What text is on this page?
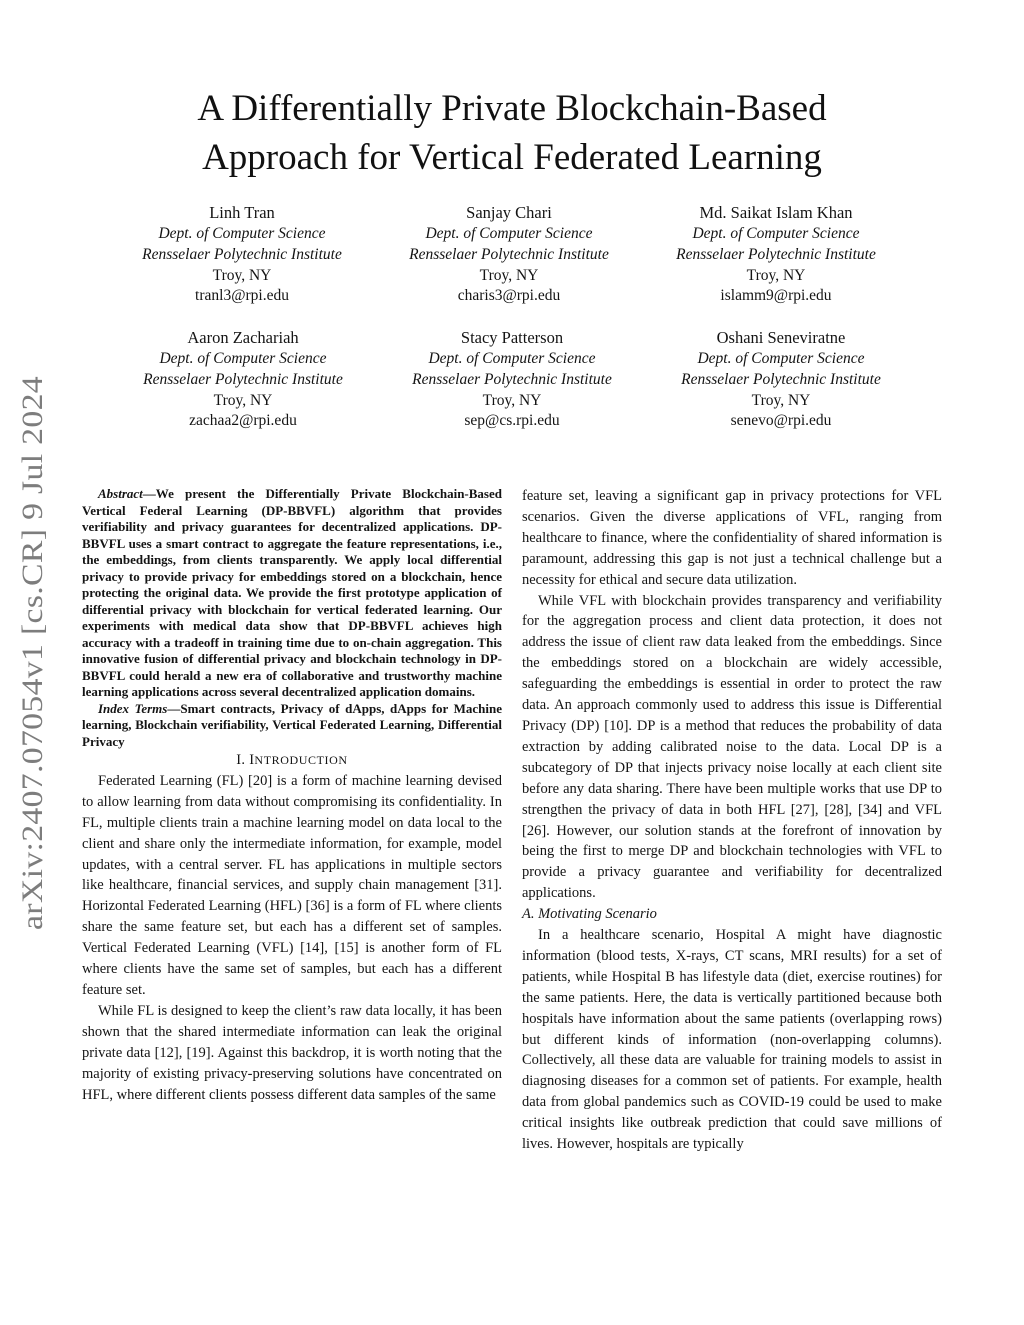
arXiv:2407.07054v1 [cs.CR] 9 Jul 2024
A Differentially Private Blockchain-Based
Approach for Vertical Federated Learning
Linh Tran
Dept. of Computer Science
Rensselaer Polytechnic Institute
Troy, NY
tranl3@rpi.edu
Sanjay Chari
Dept. of Computer Science
Rensselaer Polytechnic Institute
Troy, NY
charis3@rpi.edu
Md. Saikat Islam Khan
Dept. of Computer Science
Rensselaer Polytechnic Institute
Troy, NY
islamm9@rpi.edu
Aaron Zachariah
Dept. of Computer Science
Rensselaer Polytechnic Institute
Troy, NY
zachaa2@rpi.edu
Stacy Patterson
Dept. of Computer Science
Rensselaer Polytechnic Institute
Troy, NY
sep@cs.rpi.edu
Oshani Seneviratne
Dept. of Computer Science
Rensselaer Polytechnic Institute
Troy, NY
senevo@rpi.edu

Abstract—We present the Differentially Private Blockchain-Based Vertical Federal Learning (DP-BBVFL) algorithm that provides verifiability and privacy guarantees for decentralized applications. DP-BBVFL uses a smart contract to aggregate the feature representations, i.e., the embeddings, from clients transparently. We apply local differential privacy to provide privacy for embeddings stored on a blockchain, hence protecting the original data. We provide the first prototype application of differential privacy with blockchain for vertical federated learning. Our experiments with medical data show that DP-BBVFL achieves high accuracy with a tradeoff in training time due to on-chain aggregation. This innovative fusion of differential privacy and blockchain technology in DP-BBVFL could herald a new era of collaborative and trustworthy machine learning applications across several decentralized application domains.

Index Terms—Smart contracts, Privacy of dApps, dApps for Machine learning, Blockchain verifiability, Vertical Federated Learning, Differential Privacy

I. INTRODUCTION

Federated Learning (FL) [20] is a form of machine learning devised to allow learning from data without compromising its confidentiality. In FL, multiple clients train a machine learning model on data local to the client and share only the intermediate information, for example, model updates, with a central server. FL has applications in multiple sectors like healthcare, financial services, and supply chain management [31]. Horizontal Federated Learning (HFL) [36] is a form of FL where clients share the same feature set, but each has a different set of samples. Vertical Federated Learning (VFL) [14], [15] is another form of FL where clients have the same set of samples, but each has a different feature set.

While FL is designed to keep the client’s raw data locally, it has been shown that the shared intermediate information can leak the original private data [12], [19]. Against this backdrop, it is worth noting that the majority of existing privacy-preserving solutions have concentrated on HFL, where different clients possess different data samples of the same

feature set, leaving a significant gap in privacy protections for VFL scenarios. Given the diverse applications of VFL, ranging from healthcare to finance, where the confidentiality of shared information is paramount, addressing this gap is not just a technical challenge but a necessity for ethical and secure data utilization.

While VFL with blockchain provides transparency and verifiability for the aggregation process and client data protection, it does not address the issue of client raw data leaked from the embeddings. Since the embeddings stored on a blockchain are widely accessible, safeguarding the embeddings is essential in order to protect the raw data. An approach commonly used to address this issue is Differential Privacy (DP) [10]. DP is a method that reduces the probability of data extraction by adding calibrated noise to the data. Local DP is a subcategory of DP that injects privacy noise locally at each client site before any data sharing. There have been multiple works that use DP to strengthen the privacy of data in both HFL [27], [28], [34] and VFL [26]. However, our solution stands at the forefront of innovation by being the first to merge DP and blockchain technologies with VFL to provide a privacy guarantee and verifiability for decentralized applications.

A. Motivating Scenario

In a healthcare scenario, Hospital A might have diagnostic information (blood tests, X-rays, CT scans, MRI results) for a set of patients, while Hospital B has lifestyle data (diet, exercise routines) for the same patients. Here, the data is vertically partitioned because both hospitals have information about the same patients (overlapping rows) but different kinds of information (non-overlapping columns). Collectively, all these data are valuable for training models to assist in diagnosing diseases for a common set of patients. For example, health data from global pandemics such as COVID-19 could be used to make critical insights like outbreak prediction that could save millions of lives. However, hospitals are typically
